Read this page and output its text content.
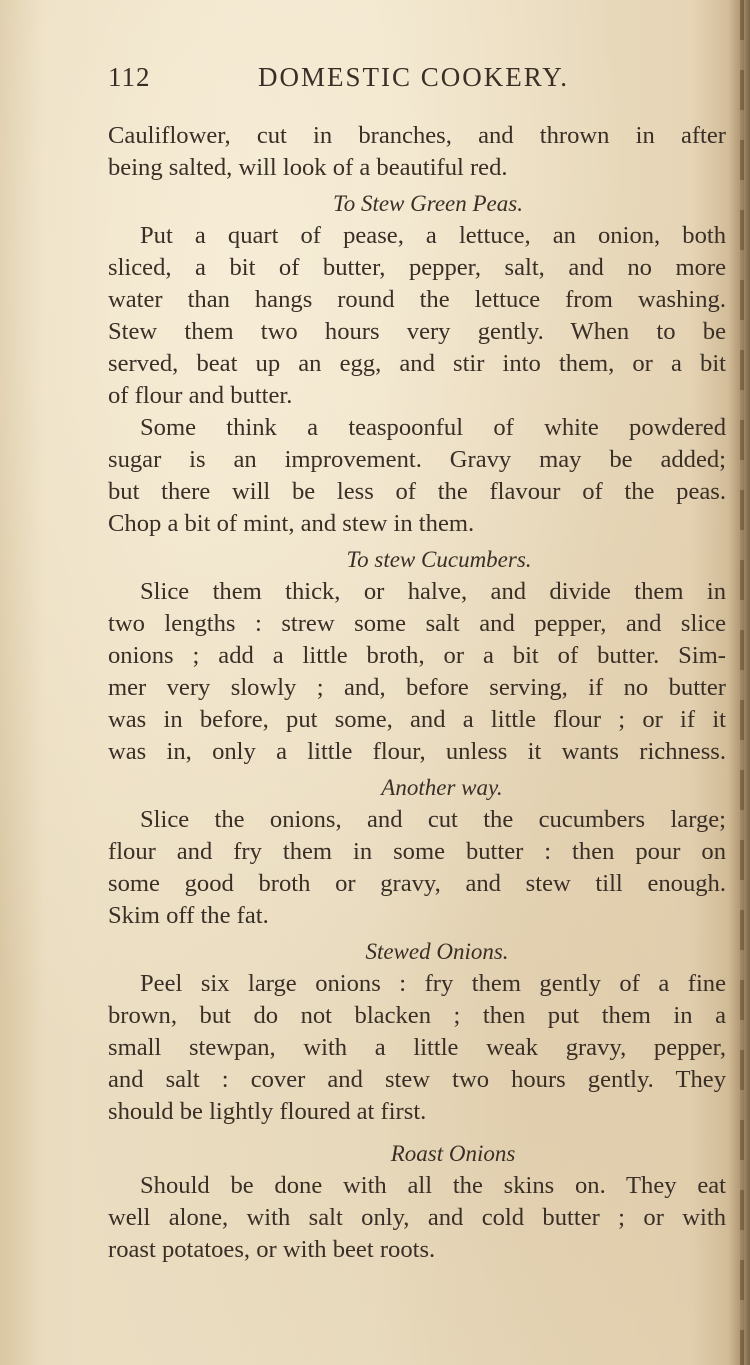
112	DOMESTIC COOKERY.
Cauliflower, cut in branches, and thrown in after
being salted, will look of a beautiful red.
To Stew Green Peas.
Put a quart of pease, a lettuce, an onion, both
sliced, a bit of butter, pepper, salt, and no more
water than hangs round the lettuce from washing.
Stew them two hours very gently. When to be
served, beat up an egg, and stir into them, or a bit
of flour and butter.
Some think a teaspoonful of white powdered
sugar is an improvement. Gravy may be added;
but there will be less of the flavour of the peas.
Chop a bit of mint, and stew in them.
To stew Cucumbers.
Slice them thick, or halve, and divide them in
two lengths : strew some salt and pepper, and slice
onions ; add a little broth, or a bit of butter. Sim-
mer very slowly ; and, before serving, if no butter
was in before, put some, and a little flour ; or if it
was in, only a little flour, unless it wants richness.
Another way.
Slice the onions, and cut the cucumbers large;
flour and fry them in some butter : then pour on
some good broth or gravy, and stew till enough.
Skim off the fat.
Stewed Onions.
Peel six large onions : fry them gently of a fine
brown, but do not blacken ; then put them in a
small stewpan, with a little weak gravy, pepper,
and salt : cover and stew two hours gently. They
should be lightly floured at first.
Roast Onions
Should be done with all the skins on. They eat
well alone, with salt only, and cold butter ; or with
roast potatoes, or with beet roots.
